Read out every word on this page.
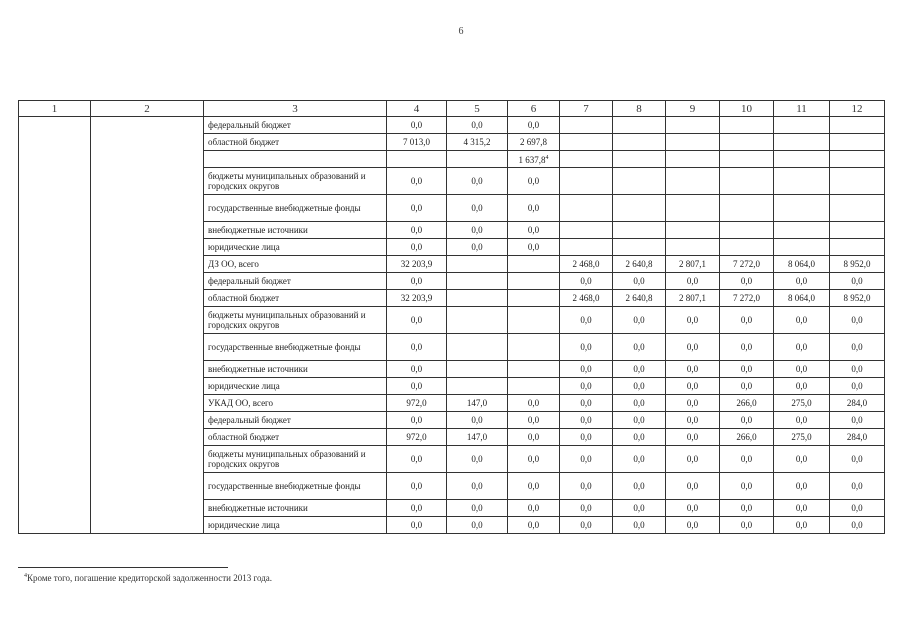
6
1	2	3	4	5	6	7	8	9	10	11	12
		федеральный бюджет	0,0	0,0	0,0						
		областной бюджет	7 013,0	4 315,2	2 697,8						
					1 637,8$^4$						
		бюджеты муниципальных образований и городских округов	0,0	0,0	0,0						
		государственные внебюджетные фонды	0,0	0,0	0,0						
		внебюджетные источники	0,0	0,0	0,0						
		юридические лица	0,0	0,0	0,0						
		ДЗ ОО, всего	32 203,9			2 468,0	2 640,8	2 807,1	7 272,0	8 064,0	8 952,0
		федеральный бюджет	0,0			0,0	0,0	0,0	0,0	0,0	0,0
		областной бюджет	32 203,9			2 468,0	2 640,8	2 807,1	7 272,0	8 064,0	8 952,0
		бюджеты муниципальных образований и городских округов	0,0			0,0	0,0	0,0	0,0	0,0	0,0
		государственные внебюджетные фонды	0,0			0,0	0,0	0,0	0,0	0,0	0,0
		внебюджетные источники	0,0			0,0	0,0	0,0	0,0	0,0	0,0
		юридические лица	0,0			0,0	0,0	0,0	0,0	0,0	0,0
		УКАД ОО, всего	972,0	147,0	0,0	0,0	0,0	0,0	266,0	275,0	284,0
		федеральный бюджет	0,0	0,0	0,0	0,0	0,0	0,0	0,0	0,0	0,0
		областной бюджет	972,0	147,0	0,0	0,0	0,0	0,0	266,0	275,0	284,0
		бюджеты муниципальных образований и городских округов	0,0	0,0	0,0	0,0	0,0	0,0	0,0	0,0	0,0
		государственные внебюджетные фонды	0,0	0,0	0,0	0,0	0,0	0,0	0,0	0,0	0,0
		внебюджетные источники	0,0	0,0	0,0	0,0	0,0	0,0	0,0	0,0	0,0
		юридические лица	0,0	0,0	0,0	0,0	0,0	0,0	0,0	0,0	0,0
$^4$Кроме того, погашение кредиторской задолженности 2013 года.
